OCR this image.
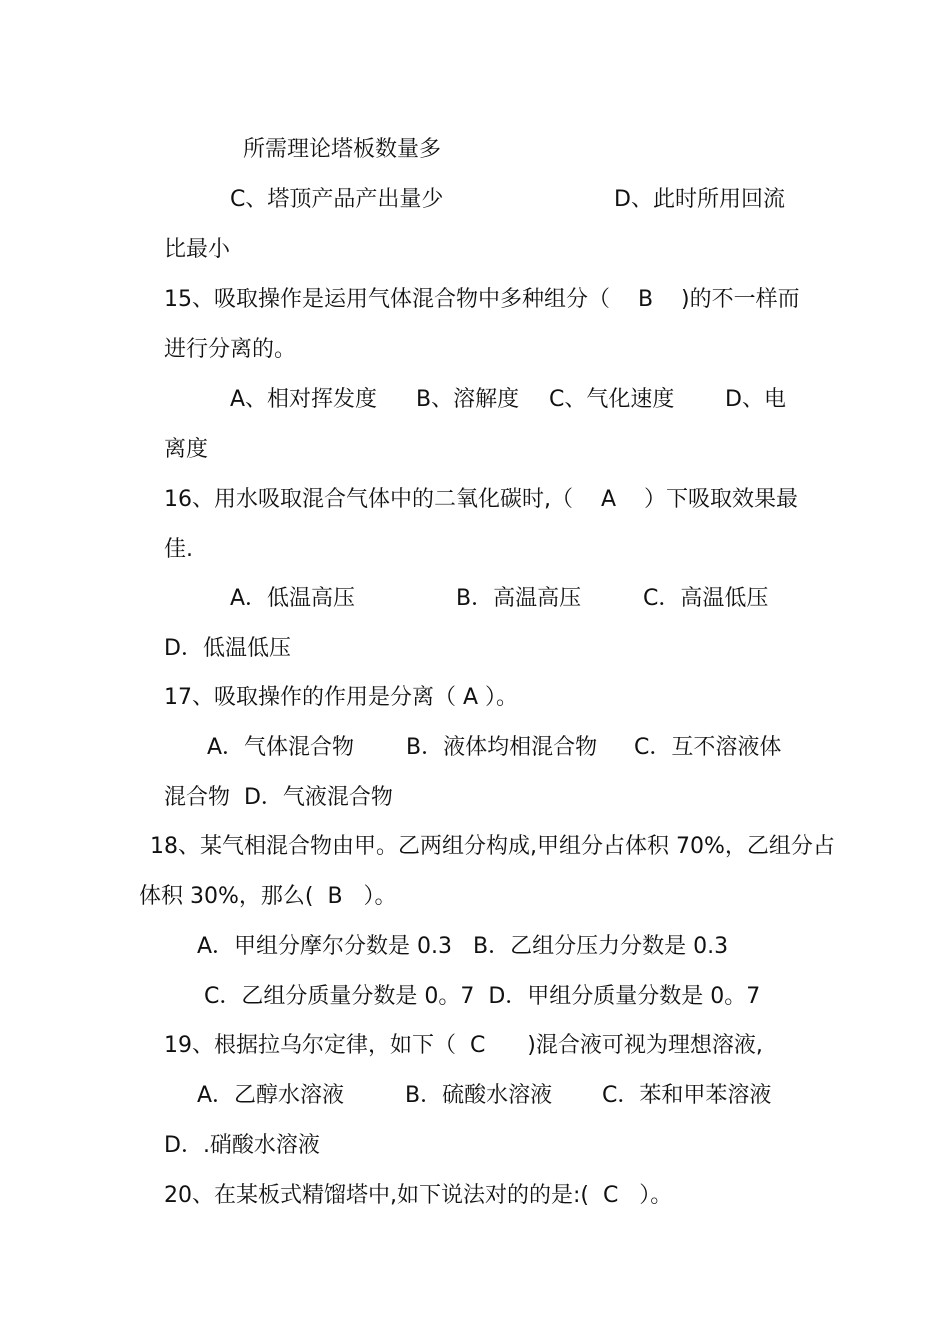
所需理论塔板数量多
C、塔顶产品产出量少	D、此时所用回流
比最小
15、吸取操作是运用气体混合物中多种组分（    B    )的不一样而
进行分离的。
A、相对挥发度 B、溶解度 C、气化速度 D、电
离度
16、用水吸取混合气体中的二氧化碳时,（    A    ）下吸取效果最
佳.
A．低温高压	B．高温高压	C．高温低压
D．低温低压
17、吸取操作的作用是分离（ A ）。
A．气体混合物 B．液体均相混合物 C．互不溶液体
混合物  D．气液混合物
18、某气相混合物由甲。乙两组分构成,甲组分占体积 70%，乙组分占
体积 30%，那么(  B   ）。
A．甲组分摩尔分数是 0.3   B．乙组分压力分数是 0.3
C．乙组分质量分数是 0。7  D．甲组分质量分数是 0。7
19、根据拉乌尔定律，如下（  C      )混合液可视为理想溶液,
A．乙醇水溶液	B．硫酸水溶液 C．苯和甲苯溶液
D．.硝酸水溶液
20、在某板式精馏塔中,如下说法对的的是:(  C   ）。
